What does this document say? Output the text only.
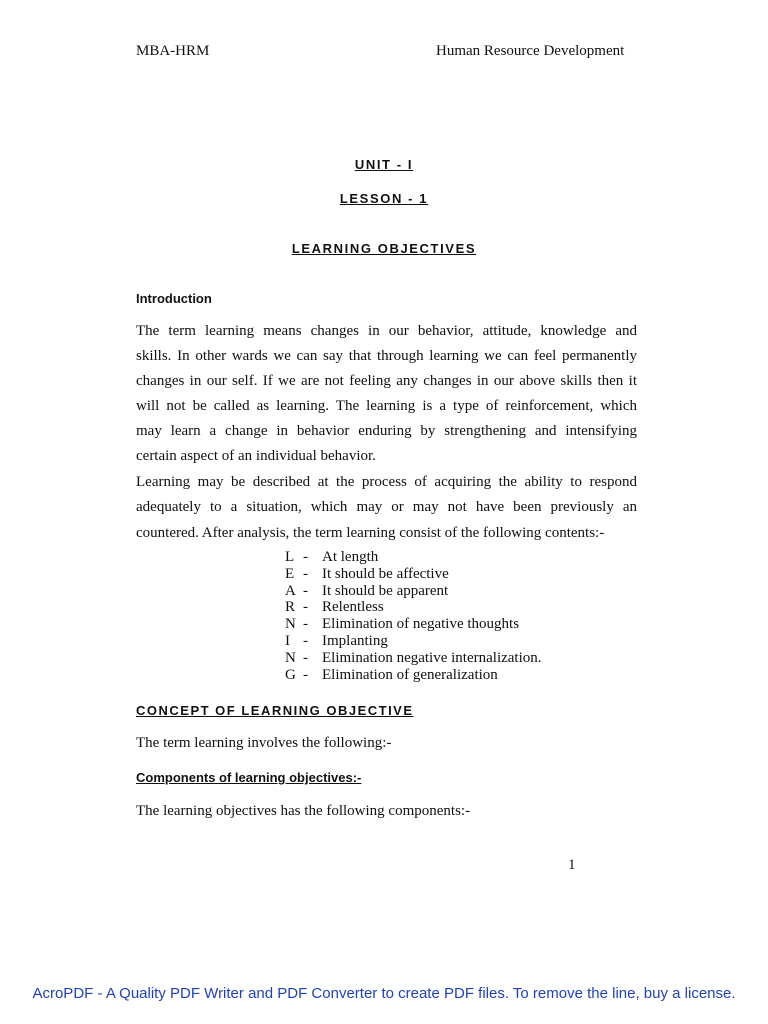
MBA-HRM	Human Resource Development
UNIT - I
LESSON - 1
LEARNING OBJECTIVES
Introduction
The term learning means changes in our behavior, attitude, knowledge and
skills. In other wards we can say that through learning we can feel permanently
changes in our self. If we are not feeling any changes in our above skills then it
will not be called as learning. The learning is a type of reinforcement, which
may learn a change in behavior enduring by strengthening and intensifying
certain aspect of an individual behavior.
Learning may be described at the process of acquiring the ability to respond
adequately to a situation, which may or may not have been previously an
countered. After analysis, the term learning consist of the following contents:-
L - At length
E - It should be affective
A - It should be apparent
R - Relentless
N - Elimination of negative thoughts
I - Implanting
N - Elimination negative internalization.
G - Elimination of generalization
CONCEPT OF LEARNING OBJECTIVE
The term learning involves the following:-
Components of learning objectives:-
The learning objectives has the following components:-
1
AcroPDF - A Quality PDF Writer and PDF Converter to create PDF files. To remove the line, buy a license.
